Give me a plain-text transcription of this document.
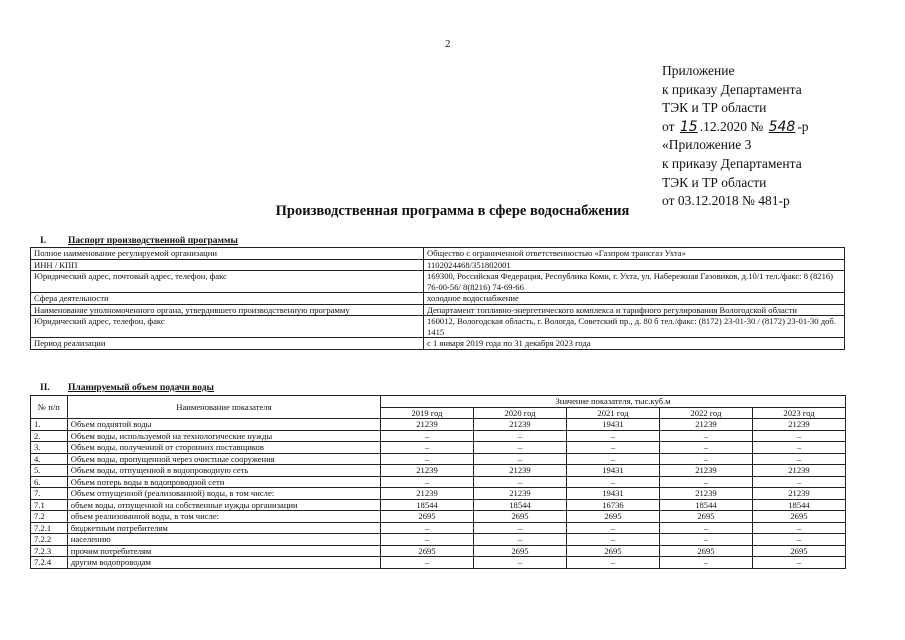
2
Приложение
к приказу Департамента
ТЭК и ТР области
от 15 .12.2020 № 548 -р
«Приложение 3
к приказу Департамента
ТЭК и ТР области
от 03.12.2018 № 481-р
Производственная программа в сфере водоснабжения
I. Паспорт производственной программы
Полное наименование регулируемой организации	Общество с ограниченной ответственностью «Газпром трансгаз Ухта»
ИНН / КПП	1102024468/351802001
Юридический адрес, почтовый адрес, телефон, факс	169300, Российская Федерация, Республика Коми, г. Ухта, ул. Набережная Газовиков, д.10/1 тел./факс: 8 (8216) 76-00-56/ 8(8216) 74-69-66
Сфера деятельности	холодное водоснабжение
Наименование уполномоченного органа, утвердившего производственную программу	Департамент топливно-энергетического комплекса и тарифного регулирования Вологодской области
Юридический адрес, телефон, факс	160012, Вологодская область, г. Вологда, Советский пр., д. 80 б тел./факс: (8172) 23-01-30 / (8172) 23-01-30 доб. 1415
Период реализации	с 1 января 2019 года по 31 декабря 2023 года
II. Планируемый объем подачи воды
№ п/п	Наименование показателя	Значение показателя, тыс.куб.м				
		2019 год	2020 год	2021 год	2022 год	2023 год
1.	Объем поднятой воды	21239	21239	19431	21239	21239
2.	Объем воды, используемой на технологические нужды	–	–	–	–	–
3.	Объем воды, полученной от сторонних поставщиков	–	–	–	–	–
4.	Объем воды, пропущенной через очистные сооружения	–	–	–	–	–
5.	Объем воды, отпущенной в водопроводную сеть	21239	21239	19431	21239	21239
6.	Объем потерь воды в водопроводной сети	–	–	–	–	–
7.	Объем отпущенной (реализованной) воды, в том числе:	21239	21239	19431	21239	21239
7.1	объем воды, отпущенной на собственные нужды организации	18544	18544	16736	18544	18544
7.2	объем реализованной воды, в том числе:	2695	2695	2695	2695	2695
7.2.1	бюджетным потребителям	–	–	–	–	–
7.2.2	населению	–	–	–	–	–
7.2.3	прочим потребителям	2695	2695	2695	2695	2695
7.2.4	другим водопроводам	–	–	–	–	–
